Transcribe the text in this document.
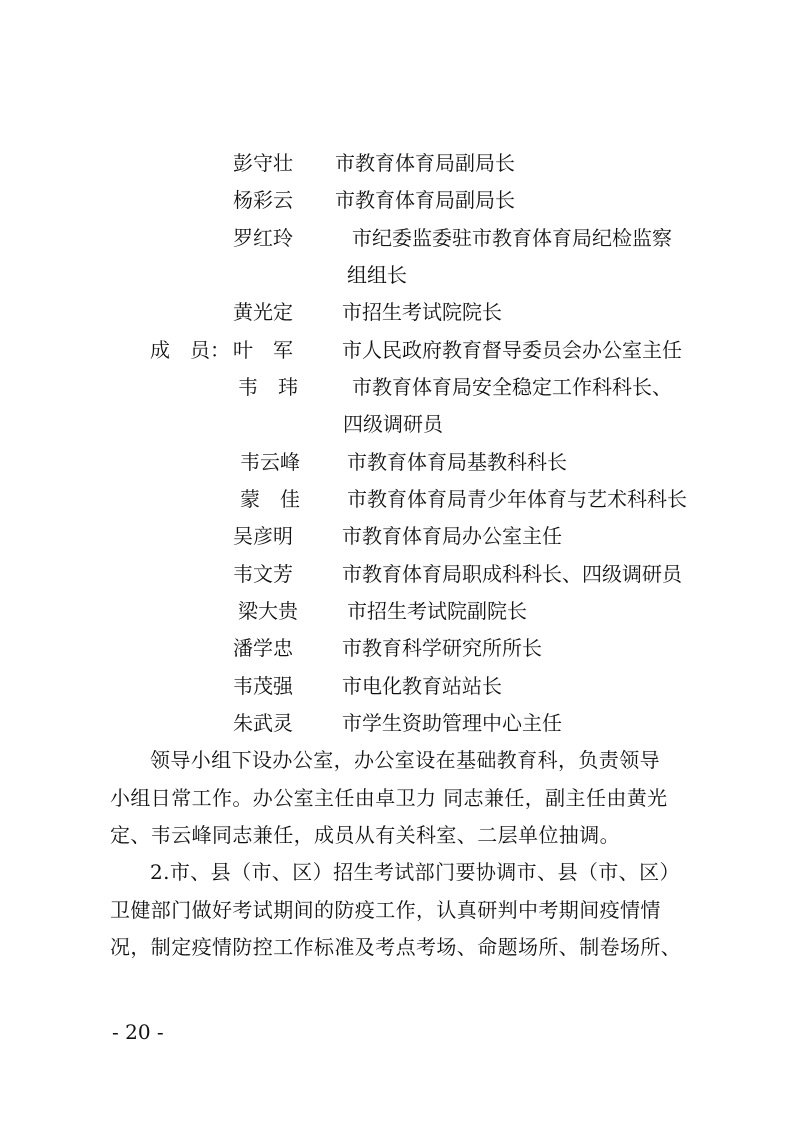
彭守壮 市教育体育局副局长
杨彩云 市教育体育局副局长
罗红玲	市纪委监委驻市教育体育局纪检监察
组组长
黄光定 市招生考试院院长
成　员： 叶　军 市人民政府教育督导委员会办公室主任
韦　玮	市教育体育局安全稳定工作科科长、
四级调研员
韦云峰 市教育体育局基教科科长
蒙　佳 市教育体育局青少年体育与艺术科科长
吴彦明 市教育体育局办公室主任
韦文芳 市教育体育局职成科科长、四级调研员
梁大贵 市招生考试院副院长
潘学忠 市教育科学研究所所长
韦茂强 市电化教育站站长
朱武灵 市学生资助管理中心主任
领导小组下设办公室，办公室设在基础教育科，负责领导
小组日常工作。办公室主任由卓卫力 同志兼任，副主任由黄光
定、韦云峰同志兼任，成员从有关科室、二层单位抽调。
2.市、县（市、区）招生考试部门要协调市、县（市、区）
卫健部门做好考试期间的防疫工作，认真研判中考期间疫情情
况，制定疫情防控工作标准及考点考场、命题场所、制卷场所、
- 20 -
